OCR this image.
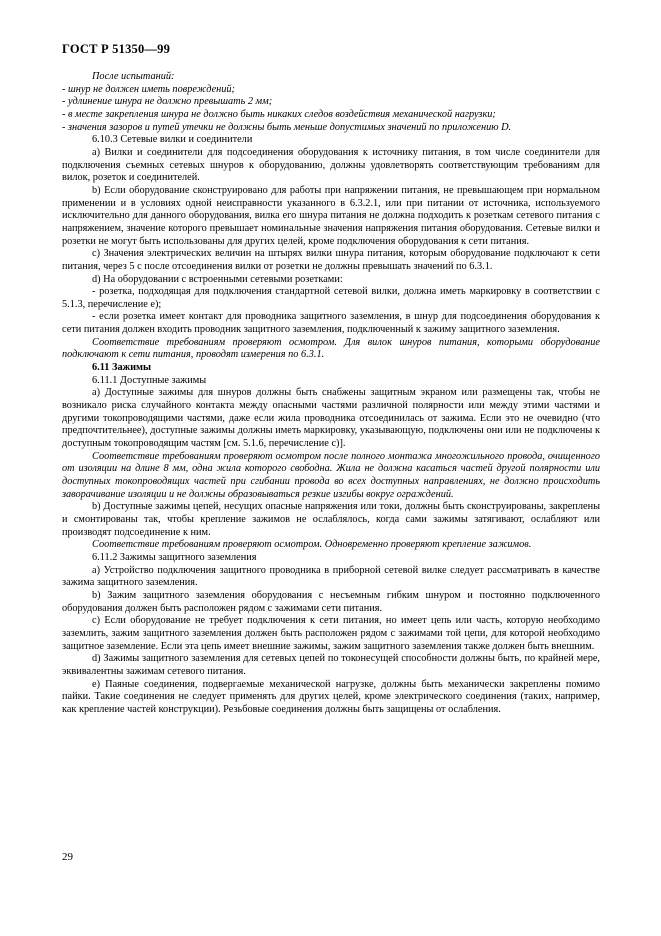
ГОСТ Р 51350—99

После испытаний:

- шнур не должен иметь повреждений;

- удлинение шнура не должно превышать 2 мм;

- в месте закрепления шнура не должно быть никаких следов воздействия механической нагрузки;

- значения зазоров и путей утечки не должны быть меньше допустимых значений по приложению D.

6.10.3 Сетевые вилки и соединители

а) Вилки и соединители для подсоединения оборудования к источнику питания, в том числе соединители для подключения съемных сетевых шнуров к оборудованию, должны удовлетворять соответствующим требованиям для вилок, розеток и соединителей.

b) Если оборудование сконструировано для работы при напряжении питания, не превышающем при нормальном применении и в условиях одной неисправности указанного в 6.3.2.1, или при питании от источника, используемого исключительно для данного оборудования, вилка его шнура питания не должна подходить к розеткам сетевого питания с напряжением, значение которого превышает номинальные значения напряжения питания оборудования. Сетевые вилки и розетки не могут быть использованы для других целей, кроме подключения оборудования к сети питания.

с) Значения электрических величин на штырях вилки шнура питания, которым оборудование подключают к сети питания, через 5 с после отсоединения вилки от розетки не должны превышать значений по 6.3.1.

d) На оборудовании с встроенными сетевыми розетками:

- розетка, подходящая для подключения стандартной сетевой вилки, должна иметь маркировку в соответствии с 5.1.3, перечисление е);

- если розетка имеет контакт для проводника защитного заземления, в шнур для подсоединения оборудования к сети питания должен входить проводник защитного заземления, подключенный к зажиму защитного заземления.

Соответствие требованиям проверяют осмотром. Для вилок шнуров питания, которыми оборудование подключают к сети питания, проводят измерения по 6.3.1.

6.11 Зажимы

6.11.1 Доступные зажимы

а) Доступные зажимы для шнуров должны быть снабжены защитным экраном или размещены так, чтобы не возникало риска случайного контакта между опасными частями различной полярности или между этими частями и другими токопроводящими частями, даже если жила проводника отсоединилась от зажима. Если это не очевидно (что предпочтительнее), доступные зажимы должны иметь маркировку, указывающую, подключены они или не подключены к доступным токопроводящим частям [см. 5.1.6, перечисление с)].

Соответствие требованиям проверяют осмотром после полного монтажа многожильного провода, очищенного от изоляции на длине 8 мм, одна жила которого свободна. Жила не должна касаться частей другой полярности или доступных токопроводящих частей при сгибании провода во всех доступных направлениях, не должно происходить заворачивание изоляции и не должны образовываться резкие изгибы вокруг ограждений.

b) Доступные зажимы цепей, несущих опасные напряжения или токи, должны быть сконструированы, закреплены и смонтированы так, чтобы крепление зажимов не ослаблялось, когда сами зажимы затягивают, ослабляют или производят подсоединение к ним.

Соответствие требованиям проверяют осмотром. Одновременно проверяют крепление зажимов.

6.11.2 Зажимы защитного заземления

а) Устройство подключения защитного проводника в приборной сетевой вилке следует рассматривать в качестве зажима защитного заземления.

b) Зажим защитного заземления оборудования с несъемным гибким шнуром и постоянно подключенного оборудования должен быть расположен рядом с зажимами сети питания.

с) Если оборудование не требует подключения к сети питания, но имеет цепь или часть, которую необходимо заземлить, зажим защитного заземления должен быть расположен рядом с зажимами той цепи, для которой необходимо защитное заземление. Если эта цепь имеет внешние зажимы, зажим защитного заземления также должен быть внешним.

d) Зажимы защитного заземления для сетевых цепей по токонесущей способности должны быть, по крайней мере, эквивалентны зажимам сетевого питания.

е) Паяные соединения, подвергаемые механической нагрузке, должны быть механически закреплены помимо пайки. Такие соединения не следует применять для других целей, кроме электрического соединения (таких, например, как крепление частей конструкции). Резьбовые соединения должны быть защищены от ослабления.

29
